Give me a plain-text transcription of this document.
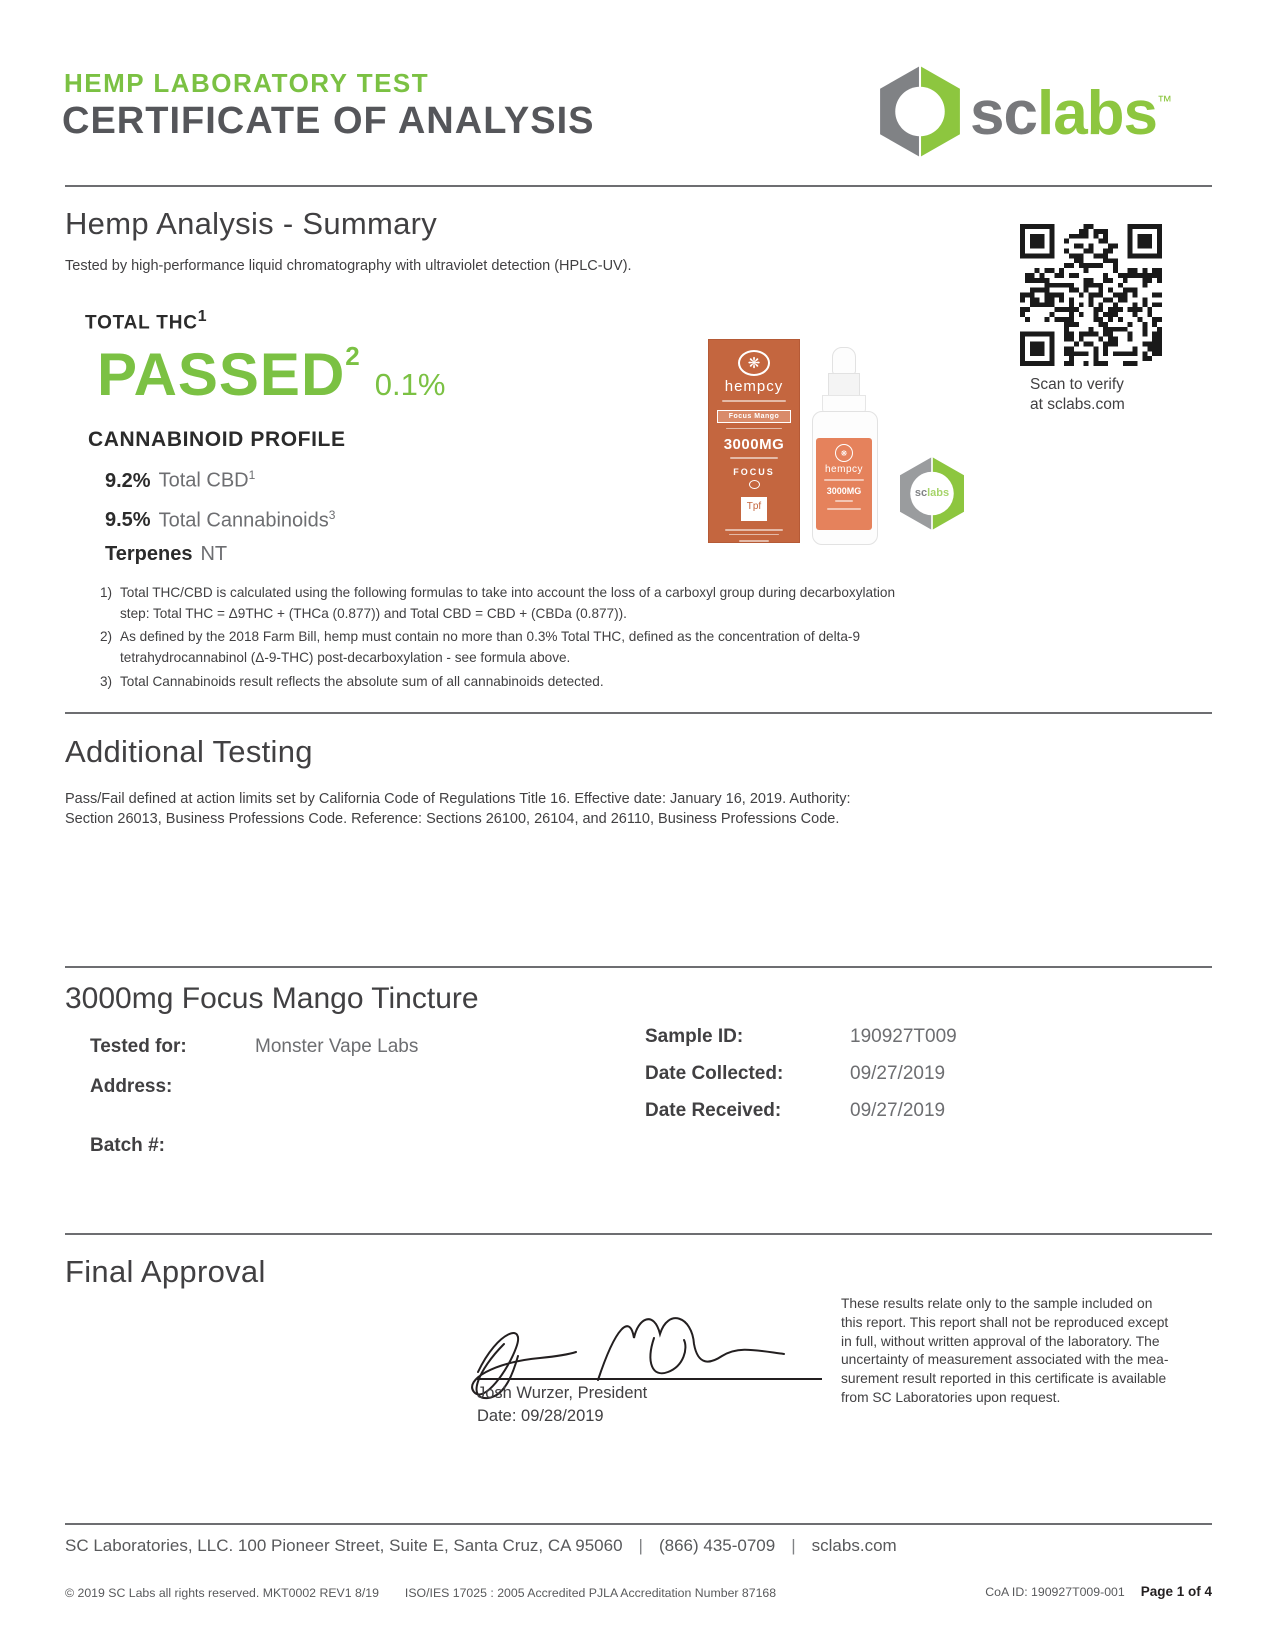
HEMP LABORATORY TEST
CERTIFICATE OF ANALYSIS	sclabs™
Hemp Analysis - Summary
Tested by high-performance liquid chromatography with ultraviolet detection (HPLC-UV).
Scan to verify
at sclabs.com
TOTAL THC$^1$
PASSED$^2$
0.1%
CANNABINOID PROFILE
9.2% Total CBD$^1$
9.5% Total Cannabinoids$^3$
Terpenes NT
❋
hempcy
Focus Mango
3000MG
FOCUS
Tpf
❋
hempcy
3000MG	sclabs
1) Total THC/CBD is calculated using the following formulas to take into account the loss of a carboxyl group during decarboxylation step: Total THC = Δ9THC + (THCa (0.877)) and Total CBD = CBD + (CBDa (0.877)).
2) As defined by the 2018 Farm Bill, hemp must contain no more than 0.3% Total THC, defined as the concentration of delta-9 tetrahydrocannabinol (Δ-9-THC) post-decarboxylation - see formula above.
3) Total Cannabinoids result reflects the absolute sum of all cannabinoids detected.
Additional Testing
Pass/Fail defined at action limits set by California Code of Regulations Title 16. Effective date: January 16, 2019. Authority: Section 26013, Business Professions Code. Reference: Sections 26100, 26104, and 26110, Business Professions Code.
3000mg Focus Mango Tincture
Tested for:	Monster Vape Labs
Address:
Batch #:
Sample ID:	190927T009
Date Collected:	09/27/2019
Date Received:	09/27/2019
Final Approval
These results relate only to the sample included on this report. This report shall not be reproduced except in full, without written approval of the laboratory. The uncertainty of measurement associated with the mea- surement result reported in this certificate is available from SC Laboratories upon request.
Josh Wurzer, President
Date: 09/28/2019
SC Laboratories, LLC. 100 Pioneer Street, Suite E, Santa Cruz, CA 95060 | (866) 435-0709 | sclabs.com
© 2019 SC Labs all rights reserved. MKT0002 REV1 8/19 ISO/IES 17025 : 2005 Accredited PJLA Accreditation Number 87168	CoA ID: 190927T009-001 Page 1 of 4
